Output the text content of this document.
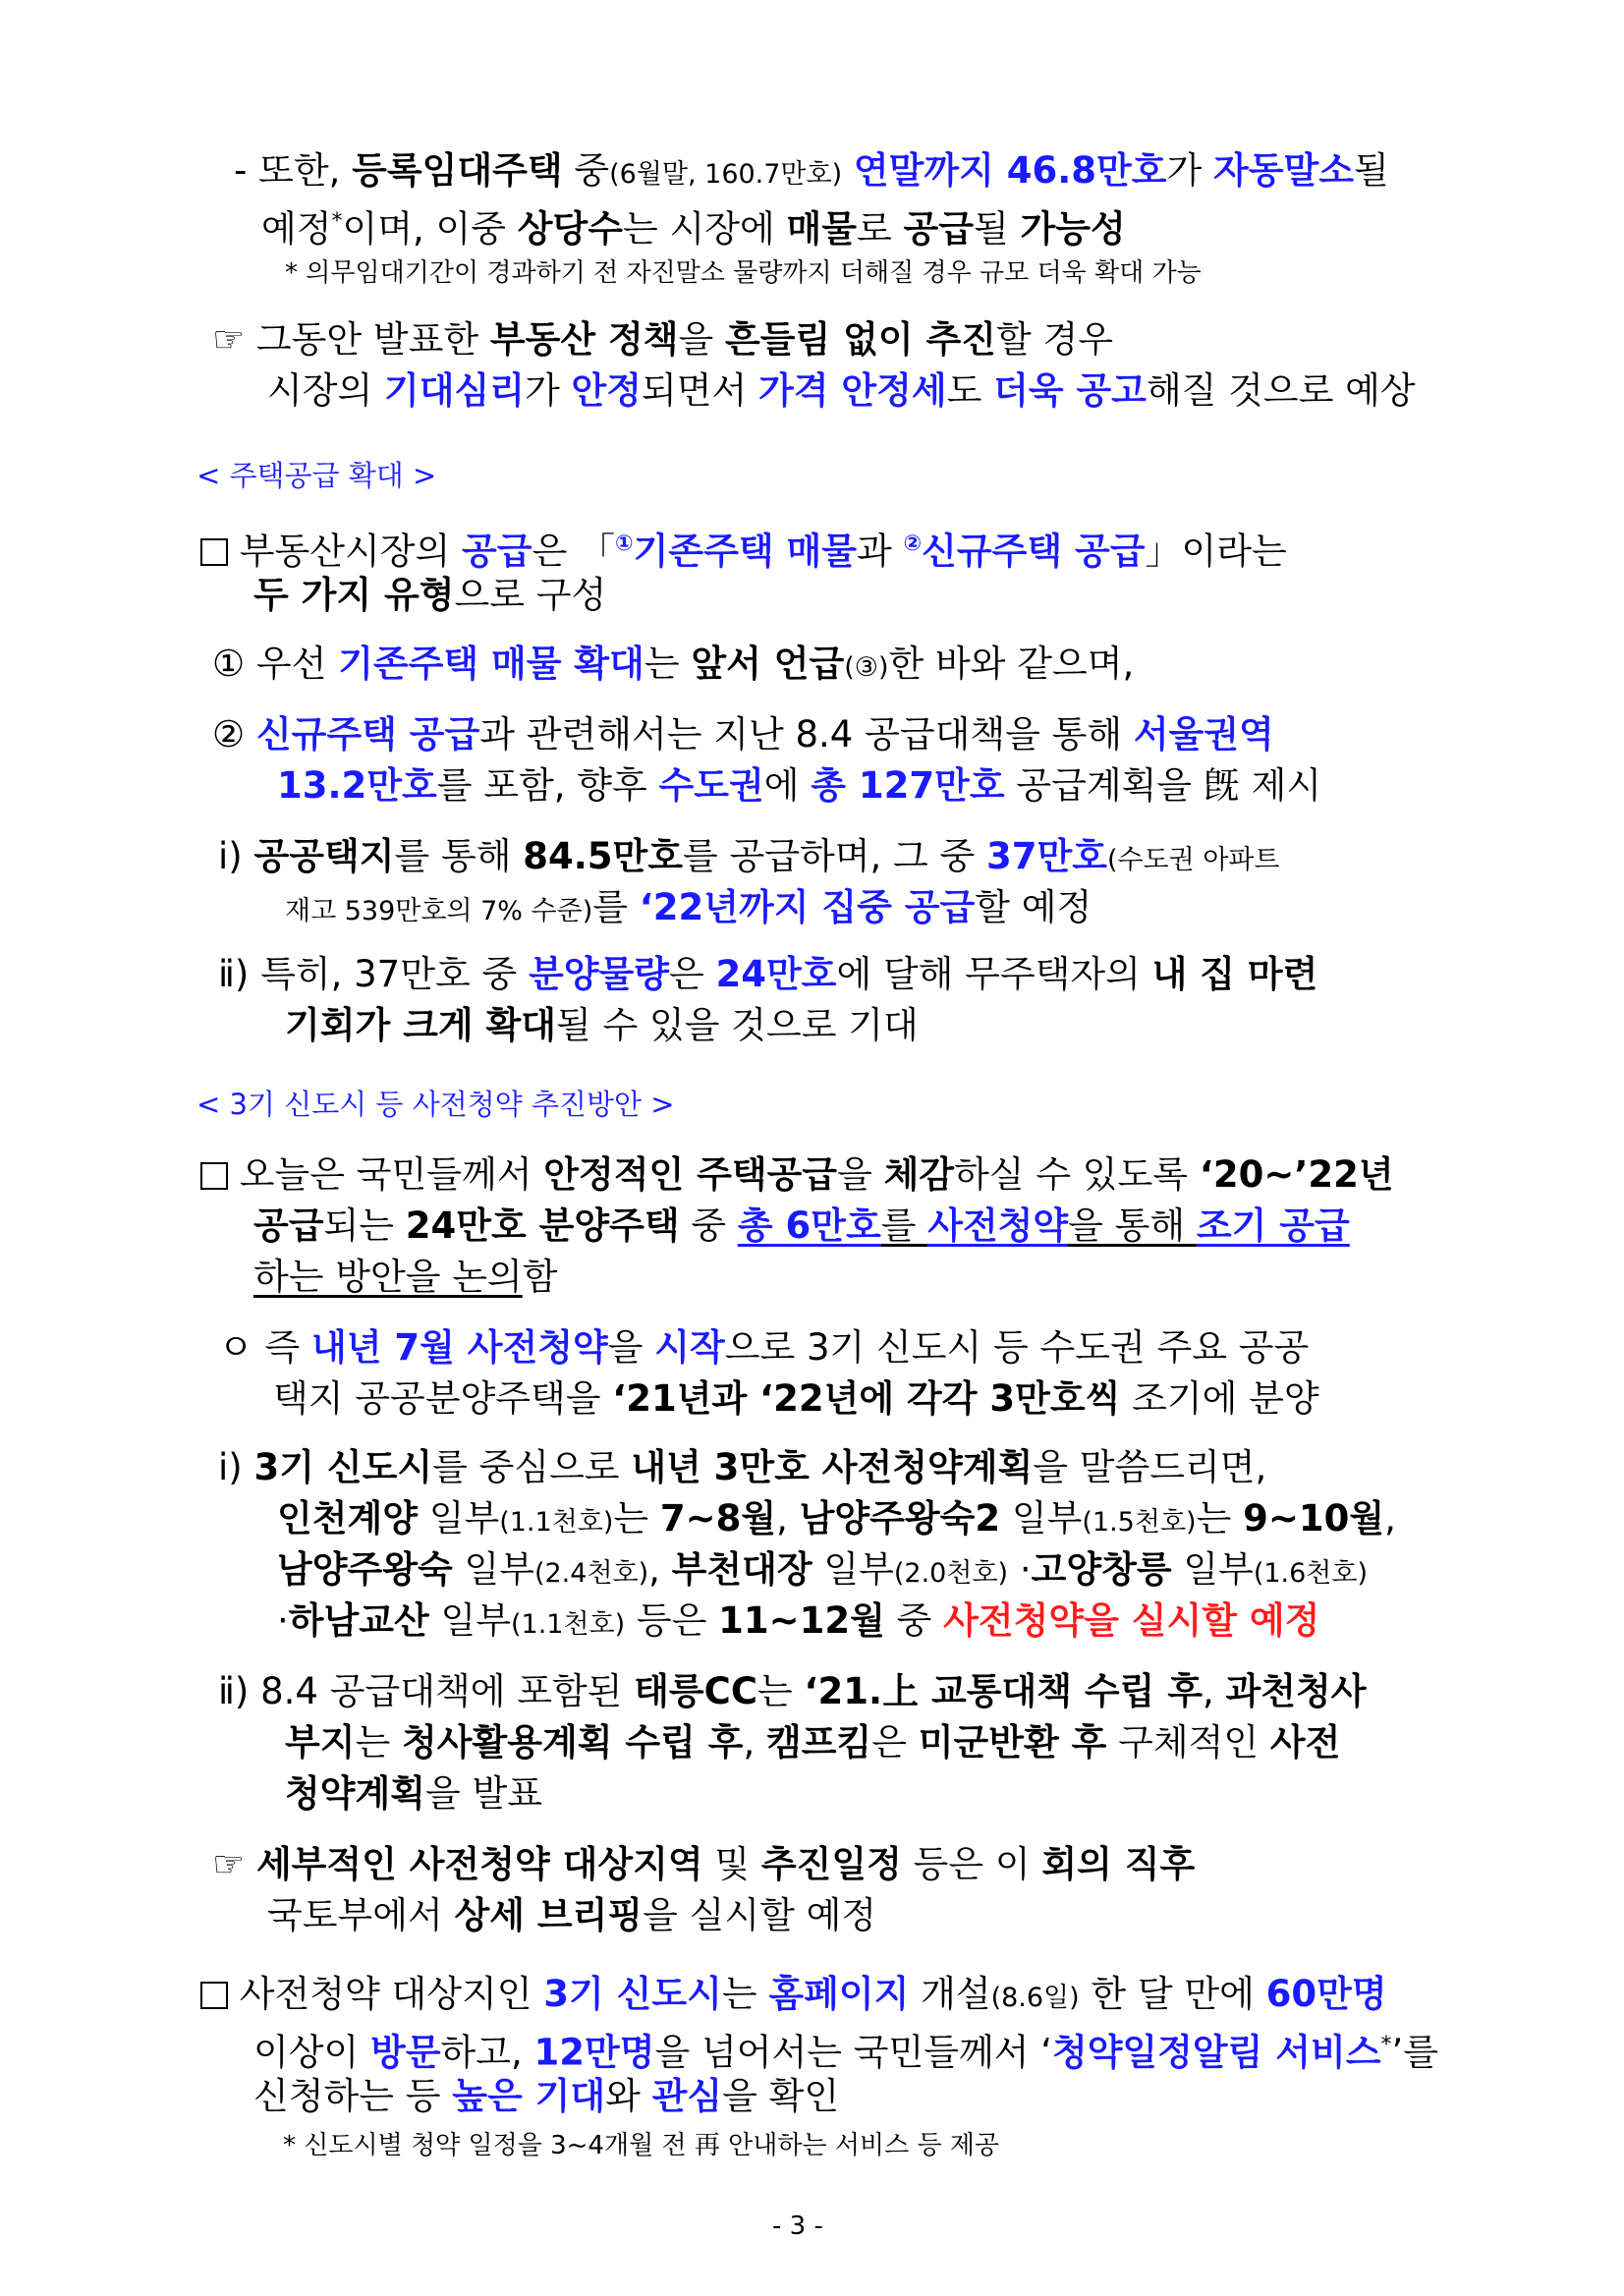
- 또한, 등록임대주택 중(6월말, 160.7만호) 연말까지 46.8만호가 자동말소될
예정*이며, 이중 상당수는 시장에 매물로 공급될 가능성
* 의무임대기간이 경과하기 전 자진말소 물량까지 더해질 경우 규모 더욱 확대 가능
☞ 그동안 발표한 부동산 정책을 흔들림 없이 추진할 경우
시장의 기대심리가 안정되면서 가격 안정세도 더욱 공고해질 것으로 예상
< 주택공급 확대 >
부동산시장의 공급은 「①기존주택 매물과 ②신규주택 공급」이라는
두 가지 유형으로 구성
① 우선 기존주택 매물 확대는 앞서 언급(③)한 바와 같으며,
② 신규주택 공급과 관련해서는 지난 8.4 공급대책을 통해 서울권역
13.2만호를 포함, 향후 수도권에 총 127만호 공급계획을 旣 제시
ⅰ) 공공택지를 통해 84.5만호를 공급하며, 그 중 37만호(수도권 아파트
재고 539만호의 7% 수준)를 ‘22년까지 집중 공급할 예정
ⅱ) 특히, 37만호 중 분양물량은 24만호에 달해 무주택자의 내 집 마련
기회가 크게 확대될 수 있을 것으로 기대
< 3기 신도시 등 사전청약 추진방안 >
오늘은 국민들께서 안정적인 주택공급을 체감하실 수 있도록 ‘20~’22년
공급되는 24만호 분양주택 중 총 6만호를 사전청약을 통해 조기 공급
하는 방안을 논의함
ㅇ 즉 내년 7월 사전청약을 시작으로 3기 신도시 등 수도권 주요 공공
택지 공공분양주택을 ‘21년과 ‘22년에 각각 3만호씩 조기에 분양
ⅰ) 3기 신도시를 중심으로 내년 3만호 사전청약계획을 말씀드리면,
인천계양 일부(1.1천호)는 7~8월, 남양주왕숙2 일부(1.5천호)는 9~10월,
남양주왕숙 일부(2.4천호), 부천대장 일부(2.0천호) ·고양창릉 일부(1.6천호)
·하남교산 일부(1.1천호) 등은 11~12월 중 사전청약을 실시할 예정
ⅱ) 8.4 공급대책에 포함된 태릉CC는 ‘21.上 교통대책 수립 후, 과천청사
부지는 청사활용계획 수립 후, 캠프킴은 미군반환 후 구체적인 사전
청약계획을 발표
☞ 세부적인 사전청약 대상지역 및 추진일정 등은 이 회의 직후
국토부에서 상세 브리핑을 실시할 예정
사전청약 대상지인 3기 신도시는 홈페이지 개설(8.6일) 한 달 만에 60만명
이상이 방문하고, 12만명을 넘어서는 국민들께서 ‘청약일정알림 서비스*’를
신청하는 등 높은 기대와 관심을 확인
* 신도시별 청약 일정을 3~4개월 전 再 안내하는 서비스 등 제공
- 3 -
